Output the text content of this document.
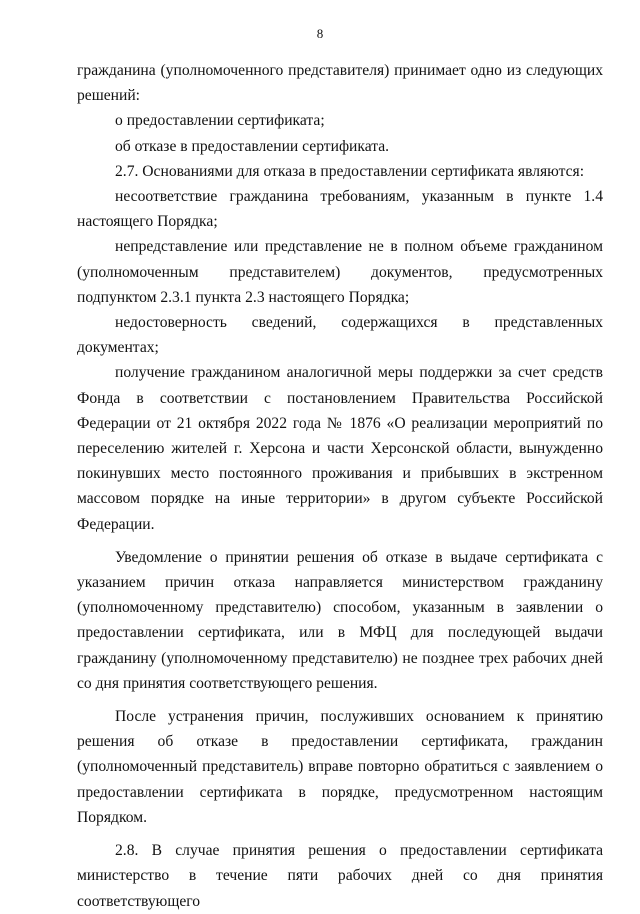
8

гражданина (уполномоченного представителя) принимает одно из следующих решений:

о предоставлении сертификата;

об отказе в предоставлении сертификата.

2.7. Основаниями для отказа в предоставлении сертификата являются:

несоответствие гражданина требованиям, указанным в пункте 1.4 настоящего Порядка;

непредставление или представление не в полном объеме гражданином (уполномоченным представителем) документов, предусмотренных подпунктом 2.3.1 пункта 2.3 настоящего Порядка;

недостоверность сведений, содержащихся в представленных документах;

получение гражданином аналогичной меры поддержки за счет средств Фонда в соответствии с постановлением Правительства Российской Федерации от 21 октября 2022 года № 1876 «О реализации мероприятий по переселению жителей г. Херсона и части Херсонской области, вынужденно покинувших место постоянного проживания и прибывших в экстренном массовом порядке на иные территории» в другом субъекте Российской Федерации.

Уведомление о принятии решения об отказе в выдаче сертификата с указанием причин отказа направляется министерством гражданину (уполномоченному представителю) способом, указанным в заявлении о предоставлении сертификата, или в МФЦ для последующей выдачи гражданину (уполномоченному представителю) не позднее трех рабочих дней со дня принятия соответствующего решения.

После устранения причин, послуживших основанием к принятию решения об отказе в предоставлении сертификата, гражданин (уполномоченный представитель) вправе повторно обратиться с заявлением о предоставлении сертификата в порядке, предусмотренном настоящим Порядком.

2.8. В случае принятия решения о предоставлении сертификата министерство в течение пяти рабочих дней со дня принятия соответствующего
